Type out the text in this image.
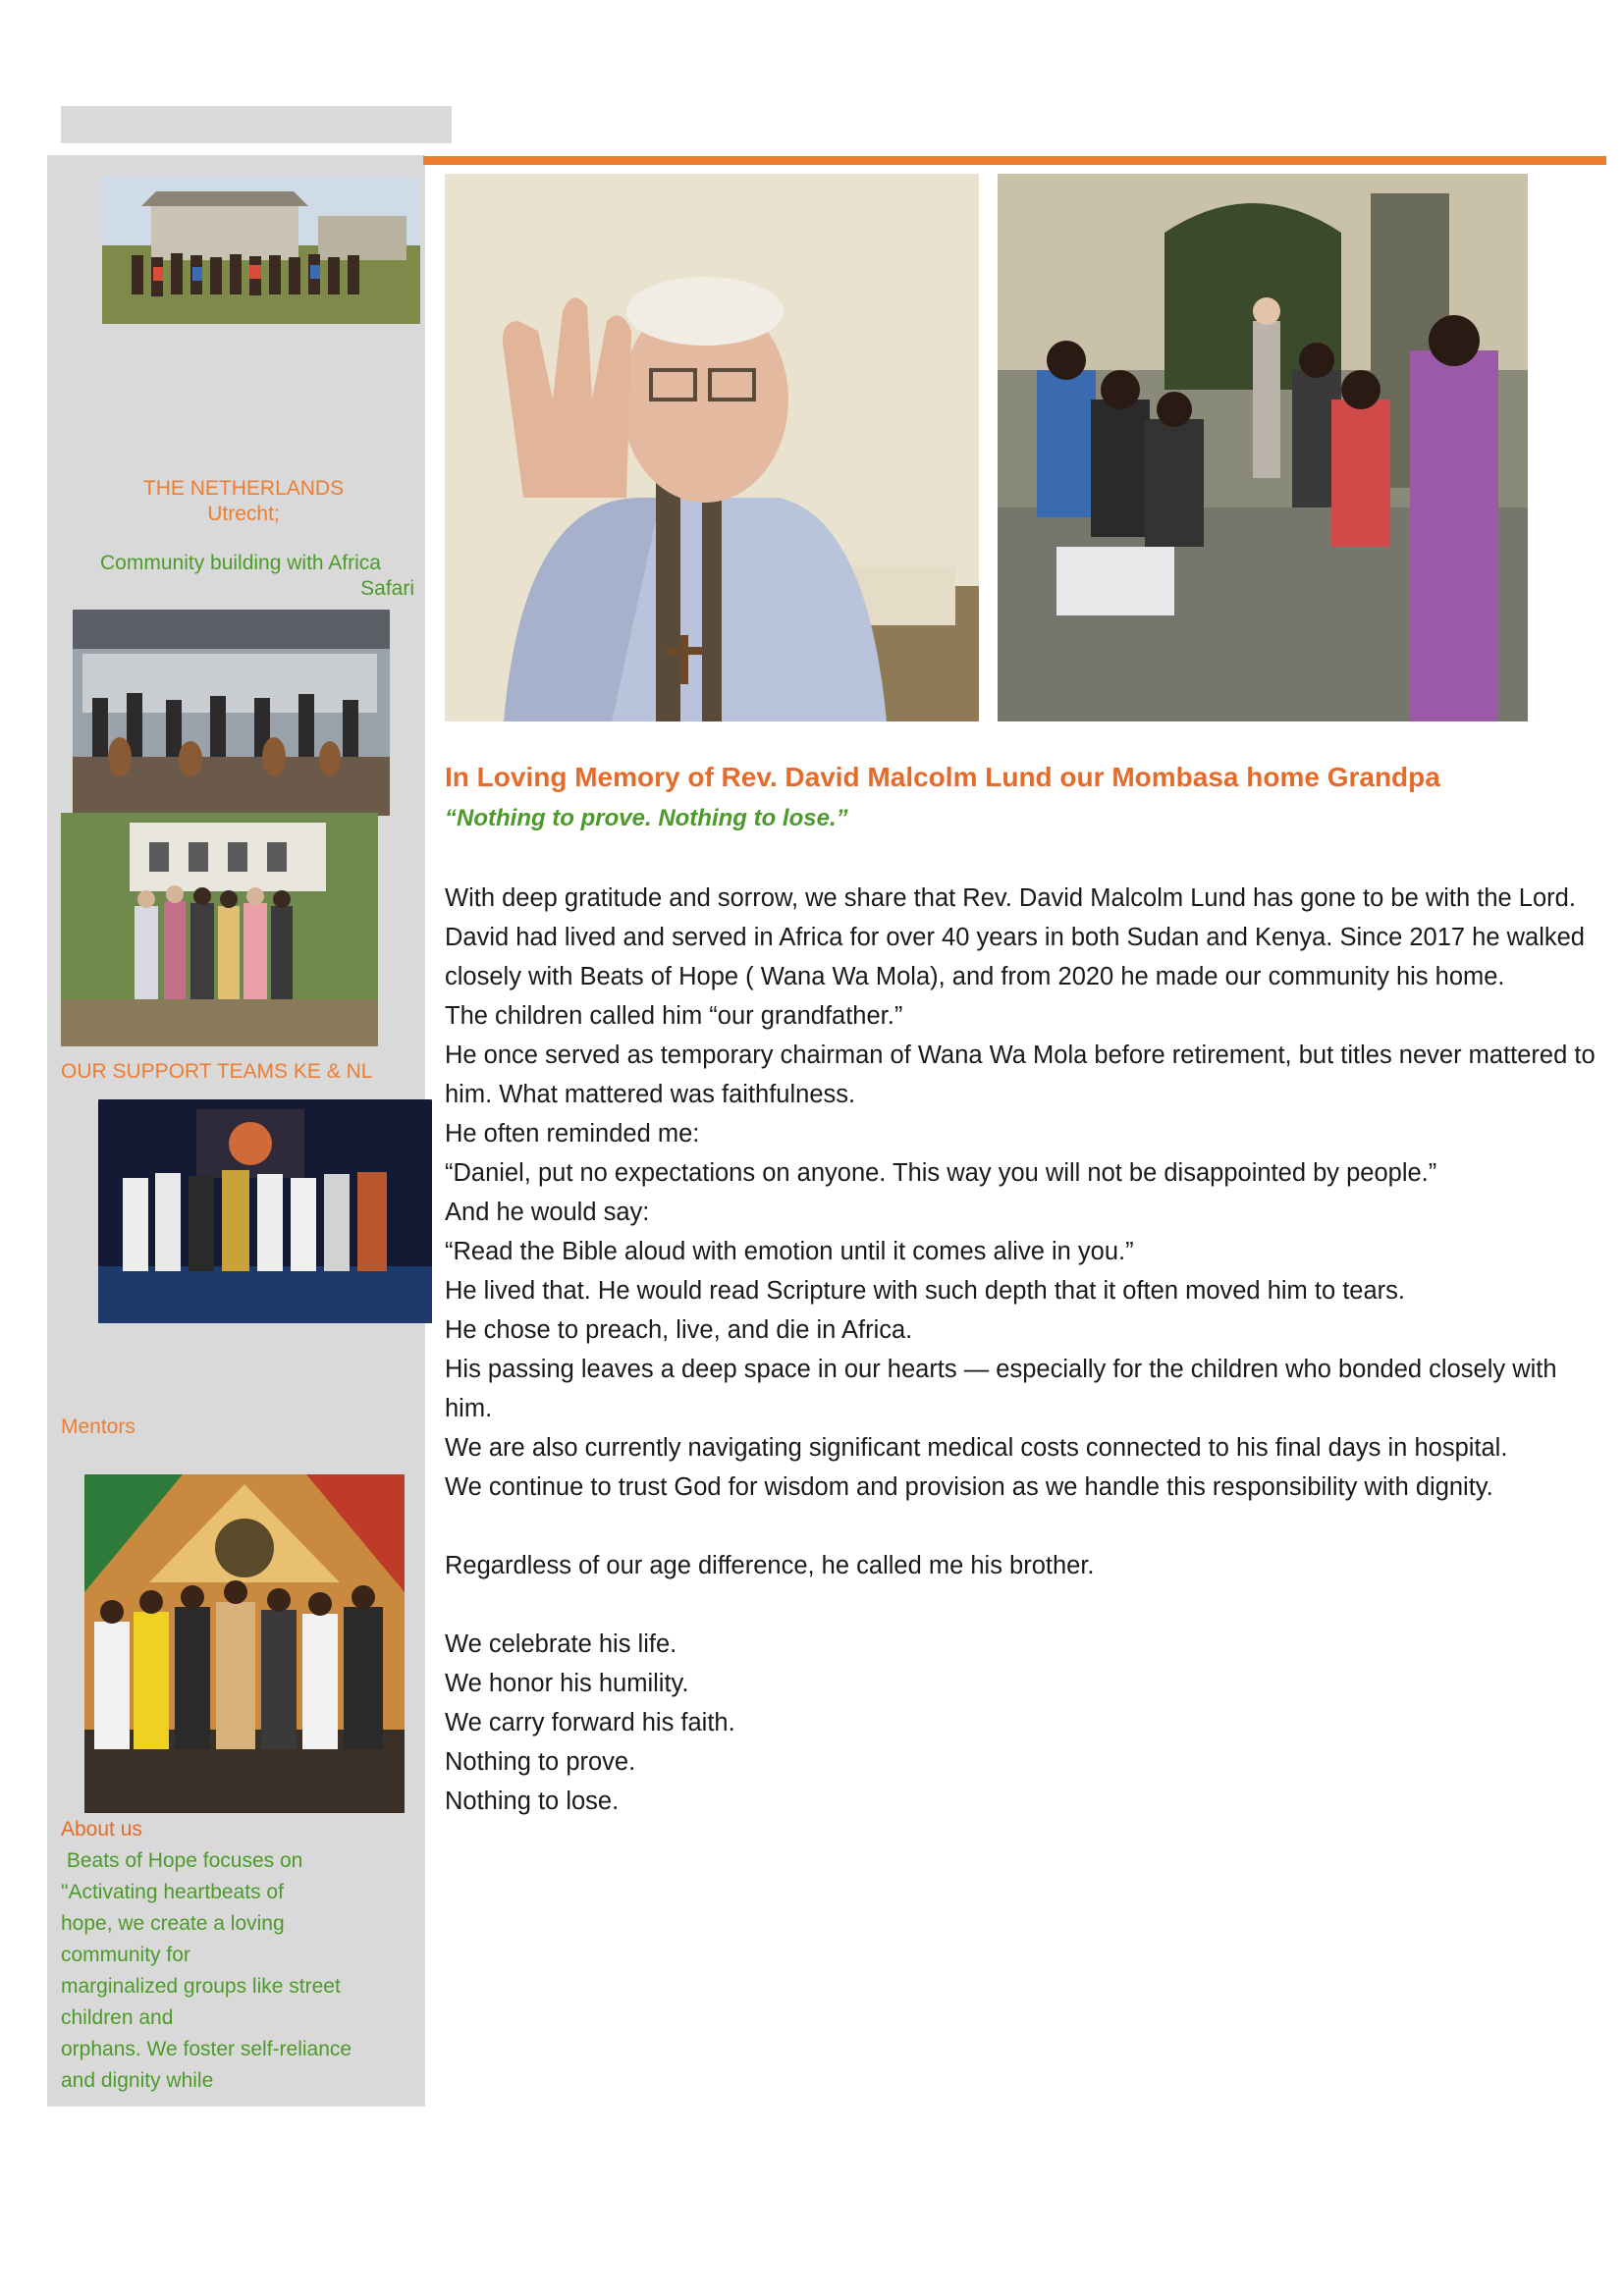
THE NETHERLANDS
Utrecht;
Community building with Africa
Safari
OUR SUPPORT TEAMS KE & NL
Mentors
About us
Beats of Hope focuses on
"Activating heartbeats of
hope, we create a loving
community for
marginalized groups like street
children and
orphans. We foster self-reliance
and dignity while
In Loving Memory of Rev. David Malcolm Lund our Mombasa home Grandpa
“Nothing to prove. Nothing to lose.”

With deep gratitude and sorrow, we share that Rev. David Malcolm Lund has gone to be with the Lord.

David had lived and served in Africa for over 40 years in both Sudan and Kenya. Since 2017 he walked closely with Beats of Hope ( Wana Wa Mola), and from 2020 he made our community his home.

The children called him “our grandfather.”

He once served as temporary chairman of Wana Wa Mola before retirement, but titles never mattered to him. What mattered was faithfulness.

He often reminded me:

“Daniel, put no expectations on anyone. This way you will not be disappointed by people.”

And he would say:

“Read the Bible aloud with emotion until it comes alive in you.”

He lived that. He would read Scripture with such depth that it often moved him to tears.

He chose to preach, live, and die in Africa.

His passing leaves a deep space in our hearts — especially for the children who bonded closely with him.

We are also currently navigating significant medical costs connected to his final days in hospital.

We continue to trust God for wisdom and provision as we handle this responsibility with dignity.

Regardless of our age difference, he called me his brother.

We celebrate his life.

We honor his humility.

We carry forward his faith.

Nothing to prove.

Nothing to lose.
